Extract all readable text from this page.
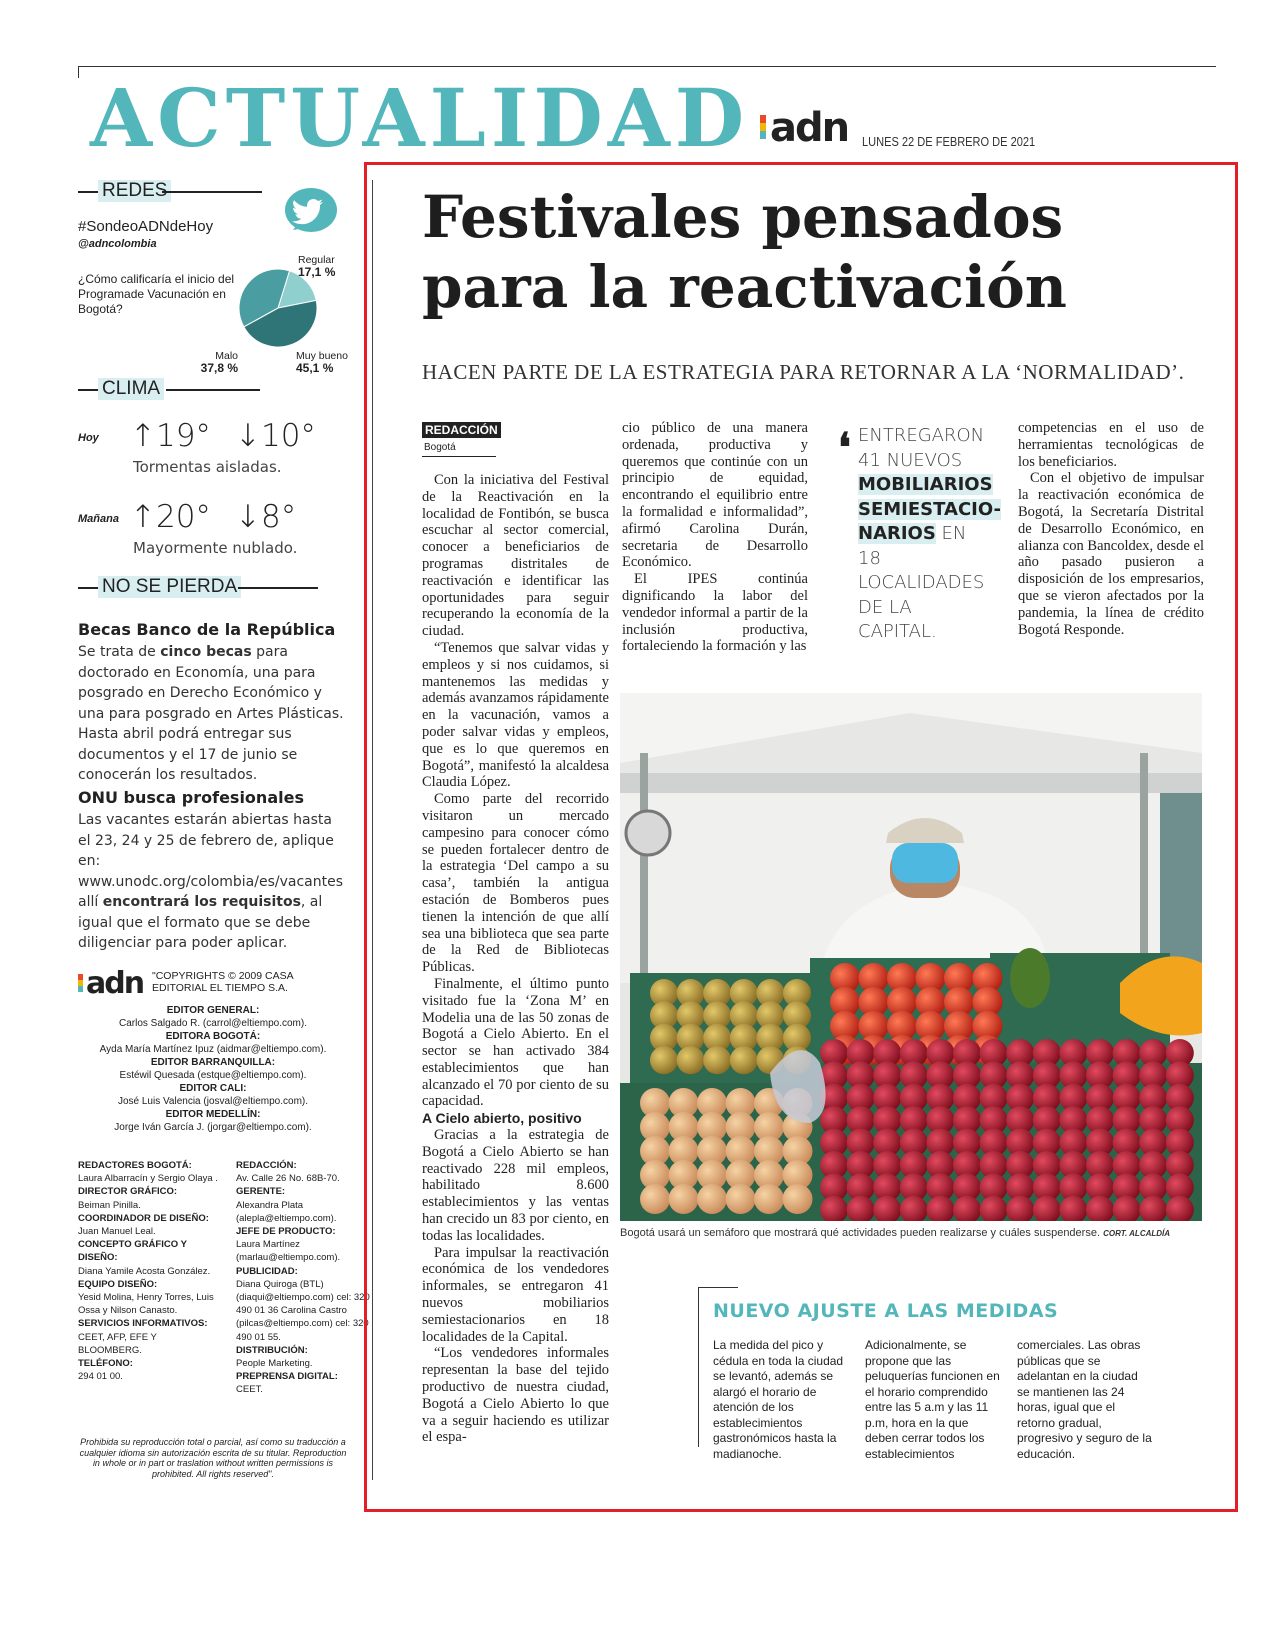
ACTUALIDAD adn LUNES 22 DE FEBRERO DE 2021
REDES
#SondeoADNdeHoy
@adncolombia
¿Cómo calificaría el inicio del Programade Vacunación en Bogotá?
Regular
17,1 %
Muy bueno
45,1 %
Malo
37,8 %
CLIMA
Hoy ↑19° ↓10°
Tormentas aisladas.
Mañana ↑20° ↓8°
Mayormente nublado.
NO SE PIERDA
Becas Banco de la República
Se trata de cinco becas para doctorado en Economía, una para posgrado en Derecho Económico y una para posgrado en Artes Plásticas. Hasta abril podrá entregar sus documentos y el 17 de junio se conocerán los resultados.
ONU busca profesionales
Las vacantes estarán abiertas hasta el 23, 24 y 25 de febrero de, aplique en: www.unodc.org/colombia/es/vacantes allí encontrará los requisitos, al igual que el formato que se debe diligenciar para poder aplicar.
adn "COPYRIGHTS © 2009 CASA EDITORIAL EL TIEMPO S.A.
EDITOR GENERAL:
Carlos Salgado R. (carrol@eltiempo.com).
EDITORA BOGOTÁ:
Ayda María Martínez Ipuz (aidmar@eltiempo.com).
EDITOR BARRANQUILLA:
Estéwil Quesada (estque@eltiempo.com).
EDITOR CALI:
José Luis Valencia (josval@eltiempo.com).
EDITOR MEDELLÍN:
Jorge Iván García J. (jorgar@eltiempo.com).
REDACTORES BOGOTÁ:
Laura Albarracín y Sergio Olaya .
DIRECTOR GRÁFICO:
Beiman Pinilla.
COORDINADOR DE DISEÑO:
Juan Manuel Leal.
CONCEPTO GRÁFICO Y DISEÑO:
Diana Yamile Acosta González.
EQUIPO DISEÑO:
Yesid Molina, Henry Torres, Luis Ossa y Nilson Canasto.
SERVICIOS INFORMATIVOS:
CEET, AFP, EFE Y BLOOMBERG.
TELÉFONO:
294 01 00.
REDACCIÓN:
Av. Calle 26 No. 68B-70.
GERENTE:
Alexandra Plata (alepla@eltiempo.com).
JEFE DE PRODUCTO:
Laura Martínez (marlau@eltiempo.com).
PUBLICIDAD:
Diana Quiroga (BTL) (diaqui@eltiempo.com) cel: 320 490 01 36 Carolina Castro (pilcas@eltiempo.com) cel: 320 490 01 55.
DISTRIBUCIÓN:
People Marketing.
PREPRENSA DIGITAL:
CEET.
Prohibida su reproducción total o parcial, así como su traducción a cualquier idioma sin autorización escrita de su titular. Reproduction in whole or in part or traslation without written permissions is prohibited. All rights reserved".
Festivales pensados para la reactivación
HACEN PARTE DE LA ESTRATEGIA PARA RETORNAR A LA ‘NORMALIDAD’.
REDACCIÓN
Bogotá

Con la iniciativa del Festival de la Reactivación en la localidad de Fontibón, se busca escuchar al sector comercial, conocer a beneficiarios de programas distritales de reactivación e identificar las oportunidades para seguir recuperando la economía de la ciudad.

“Tenemos que salvar vidas y empleos y si nos cuidamos, si mantenemos las medidas y además avanzamos rápidamente en la vacunación, vamos a poder salvar vidas y empleos, que es lo que queremos en Bogotá”, manifestó la alcaldesa Claudia López.

Como parte del recorrido visitaron un mercado campesino para conocer cómo se pueden fortalecer dentro de la estrategia ‘Del campo a su casa’, también la antigua estación de Bomberos pues tienen la intención de que allí sea una biblioteca que sea parte de la Red de Bibliotecas Públicas.

Finalmente, el último punto visitado fue la ‘Zona M’ en Modelia una de las 50 zonas de Bogotá a Cielo Abierto. En el sector se han activado 384 establecimientos que han alcanzado el 70 por ciento de su capacidad.

A Cielo abierto, positivo

Gracias a la estrategia de Bogotá a Cielo Abierto se han reactivado 228 mil empleos, habilitado 8.600 establecimientos y las ventas han crecido un 83 por ciento, en todas las localidades.

Para impulsar la reactivación económica de los vendedores informales, se entregaron 41 nuevos mobiliarios semiestacionarios en 18 localidades de la Capital.

“Los vendedores informales representan la base del tejido productivo de nuestra ciudad, Bogotá a Cielo Abierto lo que va a seguir haciendo es utilizar el espa-

cio público de una manera ordenada, productiva y queremos que continúe con un principio de equidad, encontrando el equilibrio entre la formalidad e informalidad”, afirmó Carolina Durán, secretaria de Desarrollo Económico.

El IPES continúa dignificando la labor del vendedor informal a partir de la inclusión productiva, fortaleciendo la formación y las

❛ ENTREGARON 41 NUEVOS MOBILIARIOS SEMIESTACIO-NARIOS EN 18 LOCALIDADES DE LA CAPITAL.

competencias en el uso de herramientas tecnológicas de los beneficiarios.

Con el objetivo de impulsar la reactivación económica de Bogotá, la Secretaría Distrital de Desarrollo Económico, en alianza con Bancoldex, desde el año pasado pusieron a disposición de los empresarios, que se vieron afectados por la pandemia, la línea de crédito Bogotá Responde.

Bogotá usará un semáforo que mostrará qué actividades pueden realizarse y cuáles suspenderse. CORT. ALCALDÍA
NUEVO AJUSTE A LAS MEDIDAS
La medida del pico y cédula en toda la ciudad se levantó, además se alargó el horario de atención de los establecimientos gastronómicos hasta la madianoche.
Adicionalmente, se propone que las peluquerías funcionen en el horario comprendido entre las 5 a.m y las 11 p.m, hora en la que deben cerrar todos los establecimientos
comerciales. Las obras públicas que se adelantan en la ciudad se mantienen las 24 horas, igual que el retorno gradual, progresivo y seguro de la educación.
